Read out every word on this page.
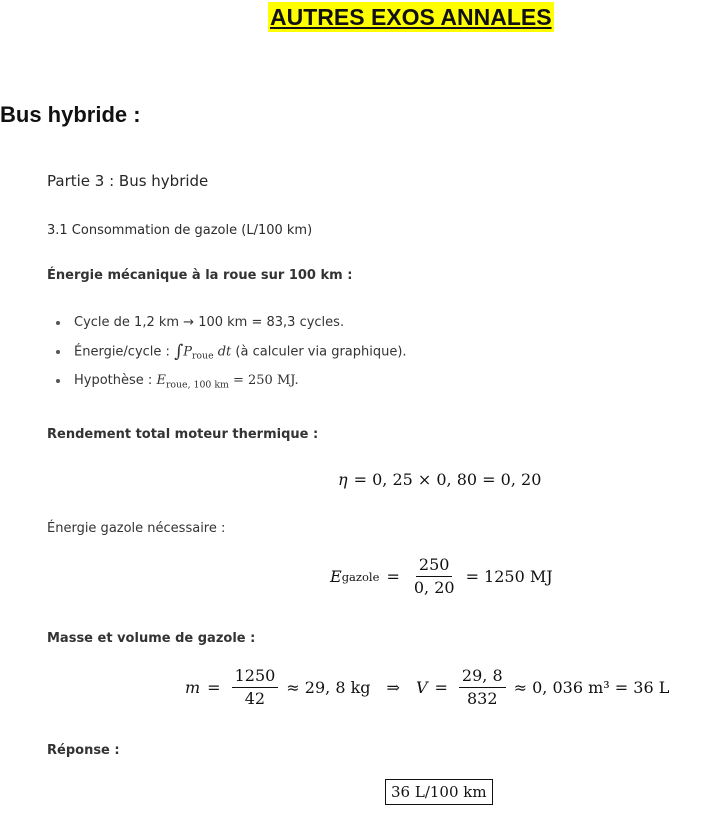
AUTRES EXOS ANNALES
Bus hybride :
Partie 3 : Bus hybride
3.1 Consommation de gazole (L/100 km)
Énergie mécanique à la roue sur 100 km :
Cycle de 1,2 km → 100 km = 83,3 cycles.
Énergie/cycle : $\int P_{roue}$ dt (à calculer via graphique).
Hypothèse : $E_{roue, 100 km} = 250$ MJ.
Rendement total moteur thermique :
Énergie gazole nécessaire :
Masse et volume de gazole :
Réponse :
η = 0, 25 × 0, 80 = 0, 20
E gazole = $\frac{250}{0, 20} = 1250$ MJ
$m = \frac{1250}{42} \approx 29$, 8 kg ⇒ $V = \frac{29, 8}{832} \approx 0$, 036 m³ = 36 L
36 L/100 km
